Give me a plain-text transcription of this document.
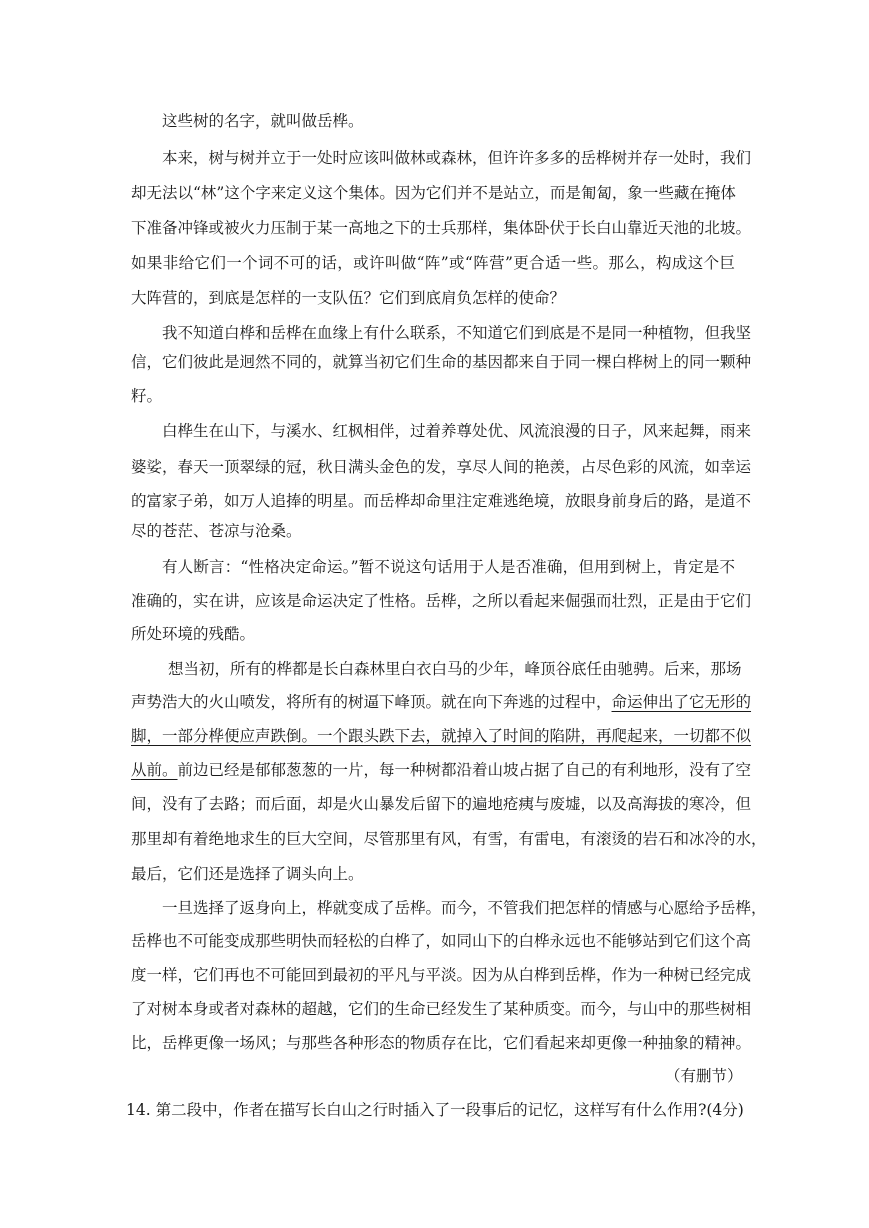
这些树的名字，就叫做岳桦。
本来，树与树并立于一处时应该叫做林或森林，但许许多多的岳桦树并存一处时，我们
却无法以“林”这个字来定义这个集体。因为它们并不是站立，而是匍匐，象一些藏在掩体
下准备冲锋或被火力压制于某一高地之下的士兵那样，集体卧伏于长白山靠近天池的北坡。
如果非给它们一个词不可的话，或许叫做“阵”或“阵营”更合适一些。那么，构成这个巨
大阵营的，到底是怎样的一支队伍？它们到底肩负怎样的使命？
我不知道白桦和岳桦在血缘上有什么联系，不知道它们到底是不是同一种植物，但我坚
信，它们彼此是迥然不同的，就算当初它们生命的基因都来自于同一棵白桦树上的同一颗种
籽。
白桦生在山下，与溪水、红枫相伴，过着养尊处优、风流浪漫的日子，风来起舞，雨来
婆娑，春天一顶翠绿的冠，秋日满头金色的发，享尽人间的艳羡，占尽色彩的风流，如幸运
的富家子弟，如万人追捧的明星。而岳桦却命里注定难逃绝境，放眼身前身后的路，是道不
尽的苍茫、苍凉与沧桑。
有人断言：“性格决定命运。”暂不说这句话用于人是否准确，但用到树上，肯定是不
准确的，实在讲，应该是命运决定了性格。岳桦，之所以看起来倔强而壮烈，正是由于它们
所处环境的残酷。
想当初，所有的桦都是长白森林里白衣白马的少年，峰顶谷底任由驰骋。后来，那场
声势浩大的火山喷发，将所有的树逼下峰顶。就在向下奔逃的过程中，命运伸出了它无形的
脚，一部分桦便应声跌倒。一个跟头跌下去，就掉入了时间的陷阱，再爬起来，一切都不似
从前。前边已经是郁郁葱葱的一片，每一种树都沿着山坡占据了自己的有利地形，没有了空
间，没有了去路；而后面，却是火山暴发后留下的遍地疮痍与废墟，以及高海拔的寒冷，但
那里却有着绝地求生的巨大空间，尽管那里有风，有雪，有雷电，有滚烫的岩石和冰冷的水，
最后，它们还是选择了调头向上。
一旦选择了返身向上，桦就变成了岳桦。而今，不管我们把怎样的情感与心愿给予岳桦，
岳桦也不可能变成那些明快而轻松的白桦了，如同山下的白桦永远也不能够站到它们这个高
度一样，它们再也不可能回到最初的平凡与平淡。因为从白桦到岳桦，作为一种树已经完成
了对树本身或者对森林的超越，它们的生命已经发生了某种质变。而今，与山中的那些树相
比，岳桦更像一场风；与那些各种形态的物质存在比，它们看起来却更像一种抽象的精神。
（有删节）
14. 第二段中，作者在描写长白山之行时插入了一段事后的记忆，这样写有什么作用?(4分)
